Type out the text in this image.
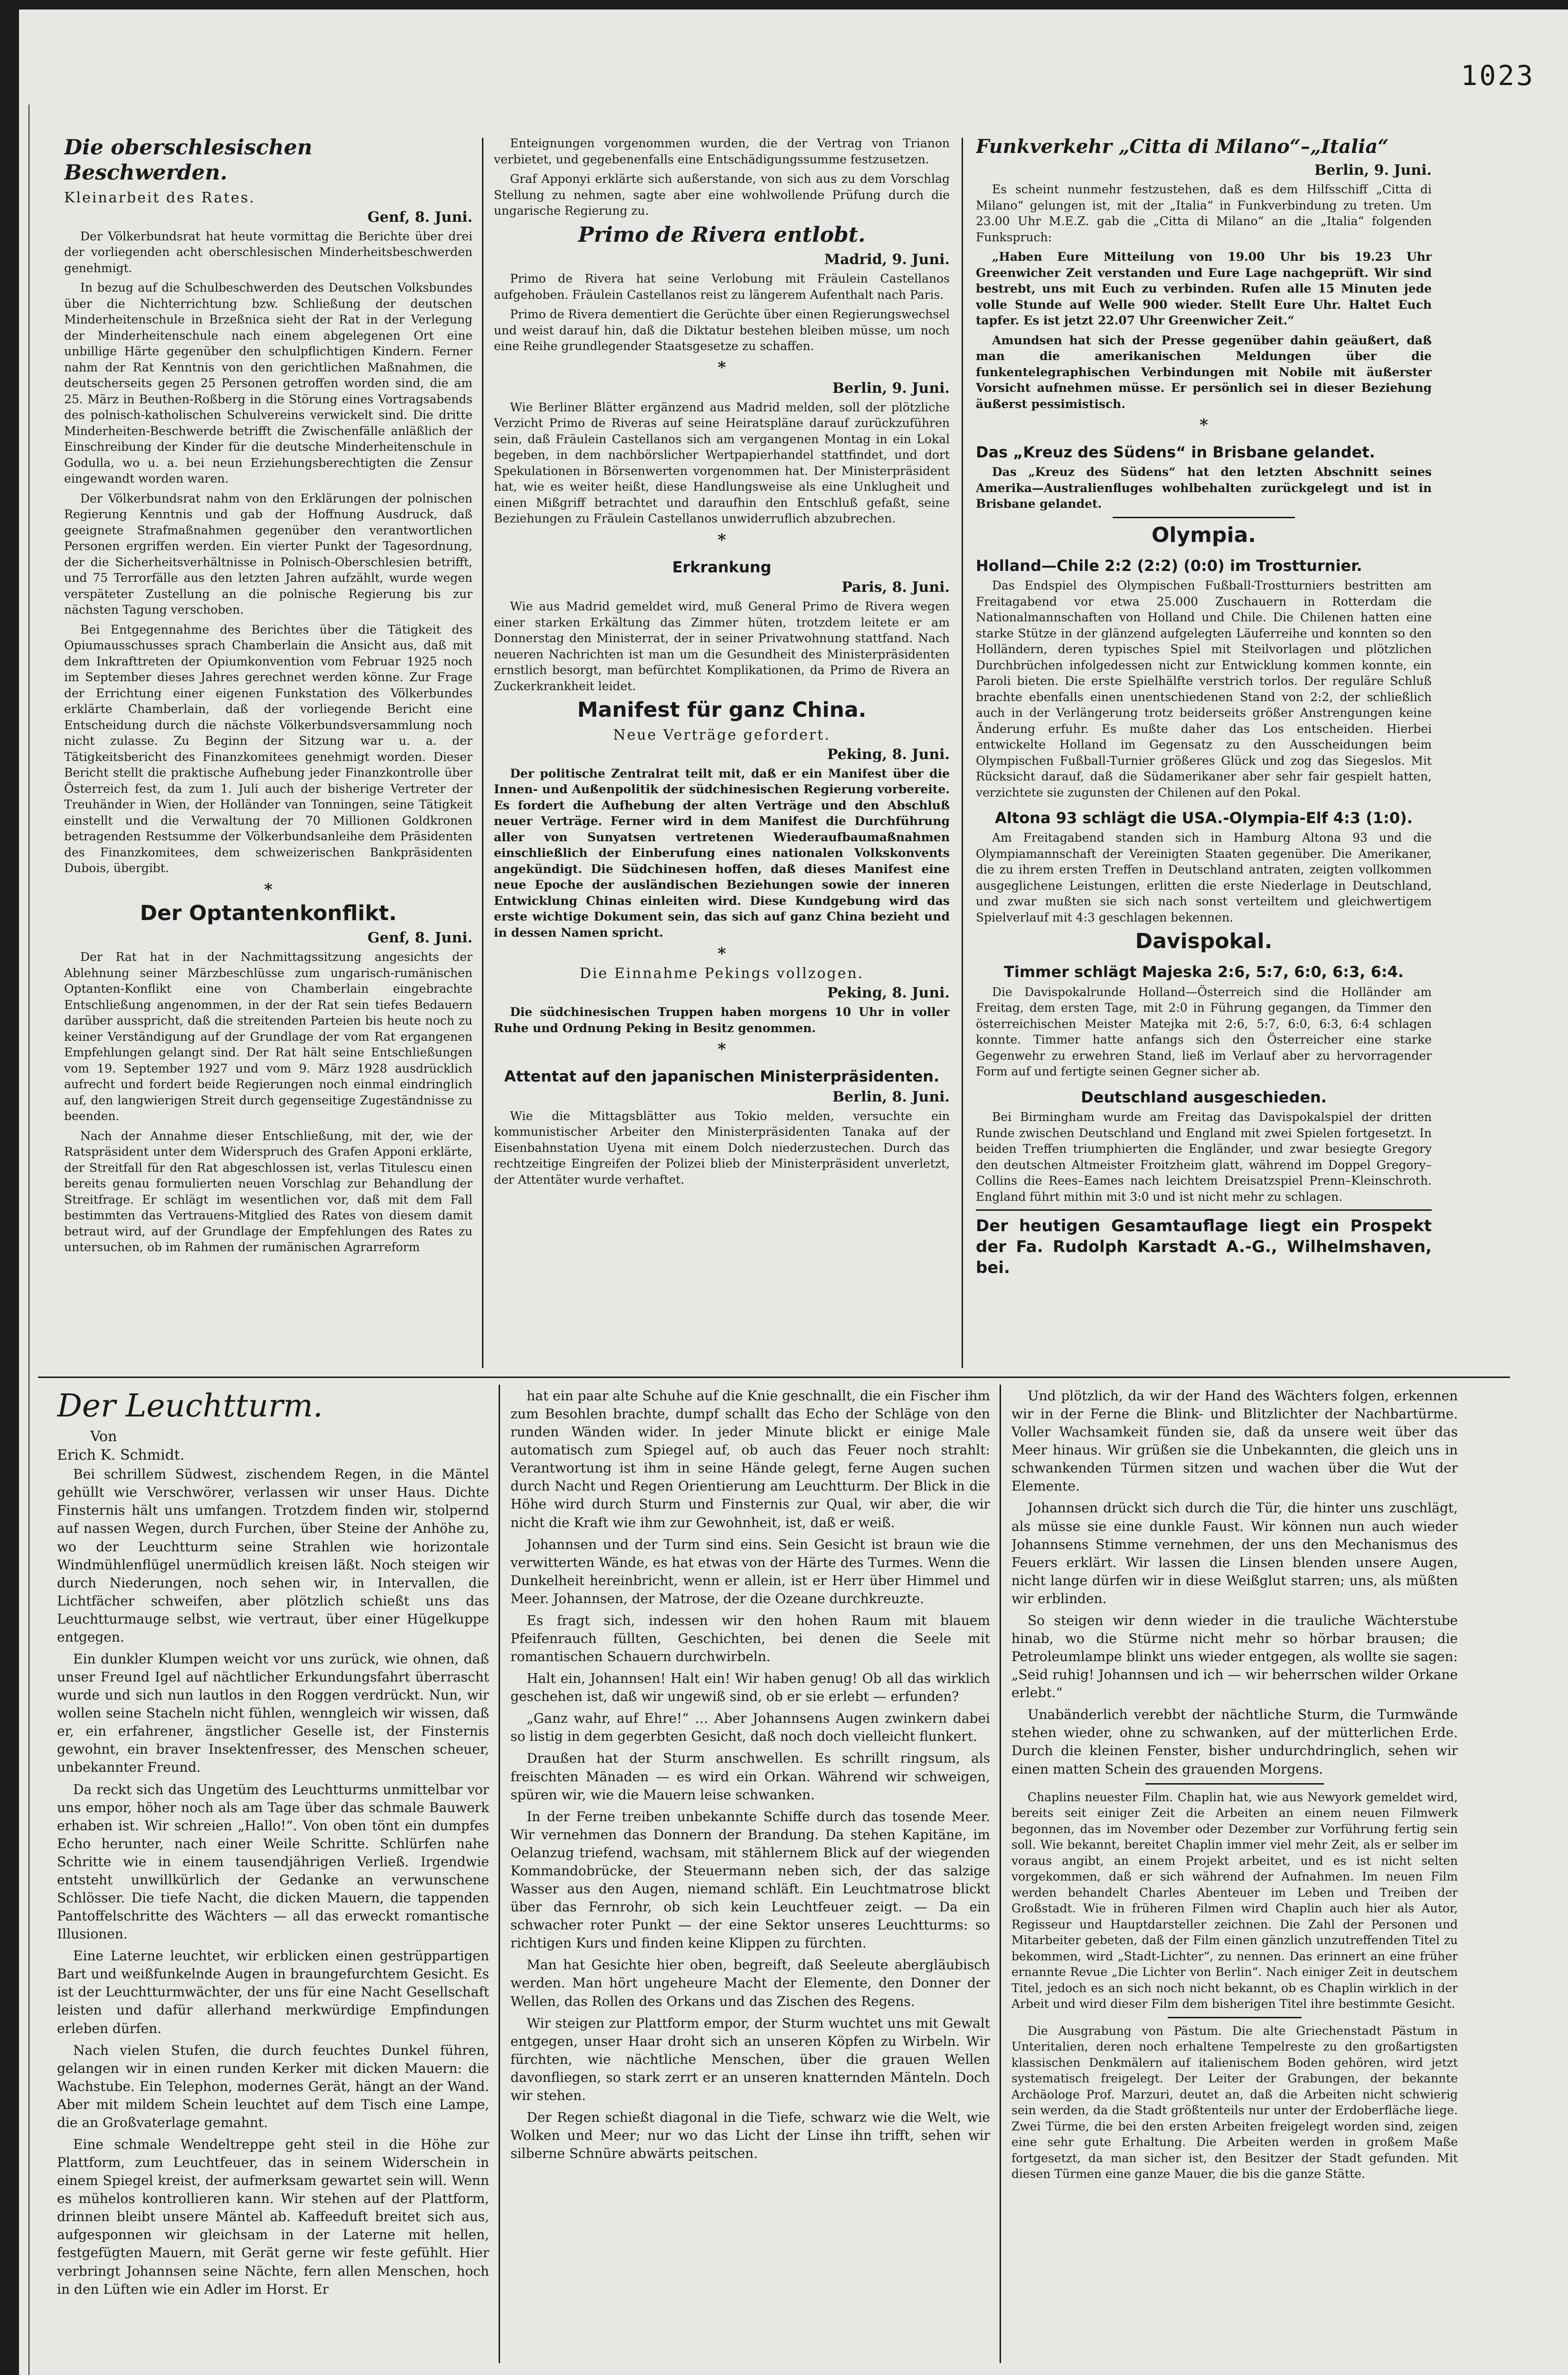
1023
Die oberschlesischen Beschwerden.
Kleinarbeit des Rates.
Genf, 8. Juni.

Der Völkerbundsrat hat heute vormittag die Berichte über drei der vorliegenden acht oberschlesischen Minderheitsbeschwerden genehmigt.

In bezug auf die Schulbeschwerden des Deutschen Volksbundes über die Nichterrichtung bzw. Schließung der deutschen Minderheitenschule in Brzeßnica sieht der Rat in der Verlegung der Minderheitenschule nach einem abgelegenen Ort eine unbillige Härte gegenüber den schulpflichtigen Kindern. Ferner nahm der Rat Kenntnis von den gerichtlichen Maßnahmen, die deutscherseits gegen 25 Personen getroffen worden sind, die am 25. März in Beuthen-Roßberg in die Störung eines Vortragsabends des polnisch-katholischen Schulvereins verwickelt sind. Die dritte Minderheiten-Beschwerde betrifft die Zwischenfälle anläßlich der Einschreibung der Kinder für die deutsche Minderheitenschule in Godulla, wo u. a. bei neun Erziehungsberechtigten die Zensur eingewandt worden waren.

Der Völkerbundsrat nahm von den Erklärungen der polnischen Regierung Kenntnis und gab der Hoffnung Ausdruck, daß geeignete Strafmaßnahmen gegenüber den verantwortlichen Personen ergriffen werden. Ein vierter Punkt der Tagesordnung, der die Sicherheitsverhältnisse in Polnisch-Oberschlesien betrifft, und 75 Terrorfälle aus den letzten Jahren aufzählt, wurde wegen verspäteter Zustellung an die polnische Regierung bis zur nächsten Tagung verschoben.

Bei Entgegennahme des Berichtes über die Tätigkeit des Opiumausschusses sprach Chamberlain die Ansicht aus, daß mit dem Inkrafttreten der Opiumkonvention vom Februar 1925 noch im September dieses Jahres gerechnet werden könne. Zur Frage der Errichtung einer eigenen Funkstation des Völkerbundes erklärte Chamberlain, daß der vorliegende Bericht eine Entscheidung durch die nächste Völkerbundsversammlung noch nicht zulasse. Zu Beginn der Sitzung war u. a. der Tätigkeitsbericht des Finanzkomitees genehmigt worden. Dieser Bericht stellt die praktische Aufhebung jeder Finanzkontrolle über Österreich fest, da zum 1. Juli auch der bisherige Vertreter der Treuhänder in Wien, der Holländer van Tonningen, seine Tätigkeit einstellt und die Verwaltung der 70 Millionen Goldkronen betragenden Restsumme der Völkerbundsanleihe dem Präsidenten des Finanzkomitees, dem schweizerischen Bankpräsidenten Dubois, übergibt.

*
Der Optantenkonflikt.
Genf, 8. Juni.

Der Rat hat in der Nachmittagssitzung angesichts der Ablehnung seiner Märzbeschlüsse zum ungarisch-rumänischen Optanten-Konflikt eine von Chamberlain eingebrachte Entschließung angenommen, in der der Rat sein tiefes Bedauern darüber ausspricht, daß die streitenden Parteien bis heute noch zu keiner Verständigung auf der Grundlage der vom Rat ergangenen Empfehlungen gelangt sind. Der Rat hält seine Entschließungen vom 19. September 1927 und vom 9. März 1928 ausdrücklich aufrecht und fordert beide Regierungen noch einmal eindringlich auf, den langwierigen Streit durch gegenseitige Zugeständnisse zu beenden.

Nach der Annahme dieser Entschließung, mit der, wie der Ratspräsident unter dem Widerspruch des Grafen Apponi erklärte, der Streitfall für den Rat abgeschlossen ist, verlas Titulescu einen bereits genau formulierten neuen Vorschlag zur Behandlung der Streitfrage. Er schlägt im wesentlichen vor, daß mit dem Fall bestimmten das Vertrauens-Mitglied des Rates von diesem damit betraut wird, auf der Grundlage der Empfehlungen des Rates zu untersuchen, ob im Rahmen der rumänischen Agrarreform

Enteignungen vorgenommen wurden, die der Vertrag von Trianon verbietet, und gegebenenfalls eine Entschädigungssumme festzusetzen.

Graf Apponyi erklärte sich außerstande, von sich aus zu dem Vorschlag Stellung zu nehmen, sagte aber eine wohlwollende Prüfung durch die ungarische Regierung zu.

Primo de Rivera entlobt.
Madrid, 9. Juni.

Primo de Rivera hat seine Verlobung mit Fräulein Castellanos aufgehoben. Fräulein Castellanos reist zu längerem Aufenthalt nach Paris.

Primo de Rivera dementiert die Gerüchte über einen Regierungswechsel und weist darauf hin, daß die Diktatur bestehen bleiben müsse, um noch eine Reihe grundlegender Staatsgesetze zu schaffen.

*
Berlin, 9. Juni.

Wie Berliner Blätter ergänzend aus Madrid melden, soll der plötzliche Verzicht Primo de Riveras auf seine Heiratspläne darauf zurückzuführen sein, daß Fräulein Castellanos sich am vergangenen Montag in ein Lokal begeben, in dem nachbörslicher Wertpapierhandel stattfindet, und dort Spekulationen in Börsenwerten vorgenommen hat. Der Ministerpräsident hat, wie es weiter heißt, diese Handlungsweise als eine Unklugheit und einen Mißgriff betrachtet und daraufhin den Entschluß gefaßt, seine Beziehungen zu Fräulein Castellanos unwiderruflich abzubrechen.

*
Erkrankung
Paris, 8. Juni.

Wie aus Madrid gemeldet wird, muß General Primo de Rivera wegen einer starken Erkältung das Zimmer hüten, trotzdem leitete er am Donnerstag den Ministerrat, der in seiner Privatwohnung stattfand. Nach neueren Nachrichten ist man um die Gesundheit des Ministerpräsidenten ernstlich besorgt, man befürchtet Komplikationen, da Primo de Rivera an Zuckerkrankheit leidet.

Manifest für ganz China.
Neue Verträge gefordert.
Peking, 8. Juni.

Der politische Zentralrat teilt mit, daß er ein Manifest über die Innen- und Außenpolitik der südchinesischen Regierung vorbereite. Es fordert die Aufhebung der alten Verträge und den Abschluß neuer Verträge. Ferner wird in dem Manifest die Durchführung aller von Sunyatsen vertretenen Wiederaufbaumaßnahmen einschließlich der Einberufung eines nationalen Volkskonvents angekündigt. Die Südchinesen hoffen, daß dieses Manifest eine neue Epoche der ausländischen Beziehungen sowie der inneren Entwicklung Chinas einleiten wird. Diese Kundgebung wird das erste wichtige Dokument sein, das sich auf ganz China bezieht und in dessen Namen spricht.

*
Die Einnahme Pekings vollzogen.
Peking, 8. Juni.

Die südchinesischen Truppen haben morgens 10 Uhr in voller Ruhe und Ordnung Peking in Besitz genommen.

*
Attentat auf den japanischen Ministerpräsidenten.
Berlin, 8. Juni.

Wie die Mittagsblätter aus Tokio melden, versuchte ein kommunistischer Arbeiter den Ministerpräsidenten Tanaka auf der Eisenbahnstation Uyena mit einem Dolch niederzustechen. Durch das rechtzeitige Eingreifen der Polizei blieb der Ministerpräsident unverletzt, der Attentäter wurde verhaftet.

Funkverkehr „Citta di Milano“–„Italia“
Berlin, 9. Juni.

Es scheint nunmehr festzustehen, daß es dem Hilfsschiff „Citta di Milano“ gelungen ist, mit der „Italia“ in Funkverbindung zu treten. Um 23.00 Uhr M.E.Z. gab die „Citta di Milano“ an die „Italia“ folgenden Funkspruch:

„Haben Eure Mitteilung von 19.00 Uhr bis 19.23 Uhr Greenwicher Zeit verstanden und Eure Lage nachgeprüft. Wir sind bestrebt, uns mit Euch zu verbinden. Rufen alle 15 Minuten jede volle Stunde auf Welle 900 wieder. Stellt Eure Uhr. Haltet Euch tapfer. Es ist jetzt 22.07 Uhr Greenwicher Zeit.“

Amundsen hat sich der Presse gegenüber dahin geäußert, daß man die amerikanischen Meldungen über die funkentelegraphischen Verbindungen mit Nobile mit äußerster Vorsicht aufnehmen müsse. Er persönlich sei in dieser Beziehung äußerst pessimistisch.

*
Das „Kreuz des Südens“ in Brisbane gelandet.

Das „Kreuz des Südens“ hat den letzten Abschnitt seines Amerika—Australienfluges wohlbehalten zurückgelegt und ist in Brisbane gelandet.

Olympia.
Holland—Chile 2:2 (2:2) (0:0) im Trostturnier.

Das Endspiel des Olympischen Fußball-Trostturniers bestritten am Freitagabend vor etwa 25.000 Zuschauern in Rotterdam die Nationalmannschaften von Holland und Chile. Die Chilenen hatten eine starke Stütze in der glänzend aufgelegten Läuferreihe und konnten so den Holländern, deren typisches Spiel mit Steilvorlagen und plötzlichen Durchbrüchen infolgedessen nicht zur Entwicklung kommen konnte, ein Paroli bieten. Die erste Spielhälfte verstrich torlos. Der reguläre Schluß brachte ebenfalls einen unentschiedenen Stand von 2:2, der schließlich auch in der Verlängerung trotz beiderseits größer Anstrengungen keine Änderung erfuhr. Es mußte daher das Los entscheiden. Hierbei entwickelte Holland im Gegensatz zu den Ausscheidungen beim Olympischen Fußball-Turnier größeres Glück und zog das Siegeslos. Mit Rücksicht darauf, daß die Südamerikaner aber sehr fair gespielt hatten, verzichtete sie zugunsten der Chilenen auf den Pokal.

Altona 93 schlägt die USA.-Olympia-Elf 4:3 (1:0).

Am Freitagabend standen sich in Hamburg Altona 93 und die Olympiamannschaft der Vereinigten Staaten gegenüber. Die Amerikaner, die zu ihrem ersten Treffen in Deutschland antraten, zeigten vollkommen ausgeglichene Leistungen, erlitten die erste Niederlage in Deutschland, und zwar mußten sie sich nach sonst verteiltem und gleichwertigem Spielverlauf mit 4:3 geschlagen bekennen.

Davispokal.
Timmer schlägt Majeska 2:6, 5:7, 6:0, 6:3, 6:4.

Die Davispokalrunde Holland—Österreich sind die Holländer am Freitag, dem ersten Tage, mit 2:0 in Führung gegangen, da Timmer den österreichischen Meister Matejka mit 2:6, 5:7, 6:0, 6:3, 6:4 schlagen konnte. Timmer hatte anfangs sich den Österreicher eine starke Gegenwehr zu erwehren Stand, ließ im Verlauf aber zu hervorragender Form auf und fertigte seinen Gegner sicher ab.

Deutschland ausgeschieden.

Bei Birmingham wurde am Freitag das Davispokalspiel der dritten Runde zwischen Deutschland und England mit zwei Spielen fortgesetzt. In beiden Treffen triumphierten die Engländer, und zwar besiegte Gregory den deutschen Altmeister Froitzheim glatt, während im Doppel Gregory–Collins die Rees–Eames nach leichtem Dreisatzspiel Prenn–Kleinschroth. England führt mithin mit 3:0 und ist nicht mehr zu schlagen.

Der heutigen Gesamtauflage liegt ein Prospekt der Fa. Rudolph Karstadt A.-G., Wilhelmshaven, bei.

Der Leuchtturm.
Von
Erich K. Schmidt.

Bei schrillem Südwest, zischendem Regen, in die Mäntel gehüllt wie Verschwörer, verlassen wir unser Haus. Dichte Finsternis hält uns umfangen. Trotzdem finden wir, stolpernd auf nassen Wegen, durch Furchen, über Steine der Anhöhe zu, wo der Leuchtturm seine Strahlen wie horizontale Windmühlenflügel unermüdlich kreisen läßt. Noch steigen wir durch Niederungen, noch sehen wir, in Intervallen, die Lichtfächer schweifen, aber plötzlich schießt uns das Leuchtturmauge selbst, wie vertraut, über einer Hügelkuppe entgegen.

Ein dunkler Klumpen weicht vor uns zurück, wie ohnen, daß unser Freund Igel auf nächtlicher Erkundungsfahrt überrascht wurde und sich nun lautlos in den Roggen verdrückt. Nun, wir wollen seine Stacheln nicht fühlen, wenngleich wir wissen, daß er, ein erfahrener, ängstlicher Geselle ist, der Finsternis gewohnt, ein braver Insektenfresser, des Menschen scheuer, unbekannter Freund.

Da reckt sich das Ungetüm des Leuchtturms unmittelbar vor uns empor, höher noch als am Tage über das schmale Bauwerk erhaben ist. Wir schreien „Hallo!“. Von oben tönt ein dumpfes Echo herunter, nach einer Weile Schritte. Schlürfen nahe Schritte wie in einem tausendjährigen Verließ. Irgendwie entsteht unwillkürlich der Gedanke an verwunschene Schlösser. Die tiefe Nacht, die dicken Mauern, die tappenden Pantoffelschritte des Wächters — all das erweckt romantische Illusionen.

Eine Laterne leuchtet, wir erblicken einen gestrüppartigen Bart und weißfunkelnde Augen in braungefurchtem Gesicht. Es ist der Leuchtturmwächter, der uns für eine Nacht Gesellschaft leisten und dafür allerhand merkwürdige Empfindungen erleben dürfen.

Nach vielen Stufen, die durch feuchtes Dunkel führen, gelangen wir in einen runden Kerker mit dicken Mauern: die Wachstube. Ein Telephon, modernes Gerät, hängt an der Wand. Aber mit mildem Schein leuchtet auf dem Tisch eine Lampe, die an Großvaterlage gemahnt.

Eine schmale Wendeltreppe geht steil in die Höhe zur Plattform, zum Leuchtfeuer, das in seinem Widerschein in einem Spiegel kreist, der aufmerksam gewartet sein will. Wenn es mühelos kontrollieren kann. Wir stehen auf der Plattform, drinnen bleibt unsere Mäntel ab. Kaffeeduft breitet sich aus, aufgesponnen wir gleichsam in der Laterne mit hellen, festgefügten Mauern, mit Gerät gerne wir feste gefühlt. Hier verbringt Johannsen seine Nächte, fern allen Menschen, hoch in den Lüften wie ein Adler im Horst. Er

hat ein paar alte Schuhe auf die Knie geschnallt, die ein Fischer ihm zum Besohlen brachte, dumpf schallt das Echo der Schläge von den runden Wänden wider. In jeder Minute blickt er einige Male automatisch zum Spiegel auf, ob auch das Feuer noch strahlt: Verantwortung ist ihm in seine Hände gelegt, ferne Augen suchen durch Nacht und Regen Orientierung am Leuchtturm. Der Blick in die Höhe wird durch Sturm und Finsternis zur Qual, wir aber, die wir nicht die Kraft wie ihm zur Gewohnheit, ist, daß er weiß.

Johannsen und der Turm sind eins. Sein Gesicht ist braun wie die verwitterten Wände, es hat etwas von der Härte des Turmes. Wenn die Dunkelheit hereinbricht, wenn er allein, ist er Herr über Himmel und Meer. Johannsen, der Matrose, der die Ozeane durchkreuzte.

Es fragt sich, indessen wir den hohen Raum mit blauem Pfeifenrauch füllten, Geschichten, bei denen die Seele mit romantischen Schauern durchwirbeln.

Halt ein, Johannsen! Halt ein! Wir haben genug! Ob all das wirklich geschehen ist, daß wir ungewiß sind, ob er sie erlebt — erfunden?

„Ganz wahr, auf Ehre!“ … Aber Johannsens Augen zwinkern dabei so listig in dem gegerbten Gesicht, daß noch doch vielleicht flunkert.

Draußen hat der Sturm anschwellen. Es schrillt ringsum, als freischten Mänaden — es wird ein Orkan. Während wir schweigen, spüren wir, wie die Mauern leise schwanken.

In der Ferne treiben unbekannte Schiffe durch das tosende Meer. Wir vernehmen das Donnern der Brandung. Da stehen Kapitäne, im Oelanzug triefend, wachsam, mit stählernem Blick auf der wiegenden Kommandobrücke, der Steuermann neben sich, der das salzige Wasser aus den Augen, niemand schläft. Ein Leuchtmatrose blickt über das Fernrohr, ob sich kein Leuchtfeuer zeigt. — Da ein schwacher roter Punkt — der eine Sektor unseres Leuchtturms: so richtigen Kurs und finden keine Klippen zu fürchten.

Man hat Gesichte hier oben, begreift, daß Seeleute abergläubisch werden. Man hört ungeheure Macht der Elemente, den Donner der Wellen, das Rollen des Orkans und das Zischen des Regens.

Wir steigen zur Plattform empor, der Sturm wuchtet uns mit Gewalt entgegen, unser Haar droht sich an unseren Köpfen zu Wirbeln. Wir fürchten, wie nächtliche Menschen, über die grauen Wellen davonfliegen, so stark zerrt er an unseren knatternden Mänteln. Doch wir stehen.

Der Regen schießt diagonal in die Tiefe, schwarz wie die Welt, wie Wolken und Meer; nur wo das Licht der Linse ihn trifft, sehen wir silberne Schnüre abwärts peitschen.

Und plötzlich, da wir der Hand des Wächters folgen, erkennen wir in der Ferne die Blink- und Blitzlichter der Nachbartürme. Voller Wachsamkeit fünden sie, daß da unsere weit über das Meer hinaus. Wir grüßen sie die Unbekannten, die gleich uns in schwankenden Türmen sitzen und wachen über die Wut der Elemente.

Johannsen drückt sich durch die Tür, die hinter uns zuschlägt, als müsse sie eine dunkle Faust. Wir können nun auch wieder Johannsens Stimme vernehmen, der uns den Mechanismus des Feuers erklärt. Wir lassen die Linsen blenden unsere Augen, nicht lange dürfen wir in diese Weißglut starren; uns, als müßten wir erblinden.

So steigen wir denn wieder in die trauliche Wächterstube hinab, wo die Stürme nicht mehr so hörbar brausen; die Petroleumlampe blinkt uns wieder entgegen, als wollte sie sagen: „Seid ruhig! Johannsen und ich — wir beherrschen wilder Orkane erlebt.“

Unabänderlich verebbt der nächtliche Sturm, die Turmwände stehen wieder, ohne zu schwanken, auf der mütterlichen Erde. Durch die kleinen Fenster, bisher undurchdringlich, sehen wir einen matten Schein des grauenden Morgens.

Chaplins neuester Film. Chaplin hat, wie aus Newyork gemeldet wird, bereits seit einiger Zeit die Arbeiten an einem neuen Filmwerk begonnen, das im November oder Dezember zur Vorführung fertig sein soll. Wie bekannt, bereitet Chaplin immer viel mehr Zeit, als er selber im voraus angibt, an einem Projekt arbeitet, und es ist nicht selten vorgekommen, daß er sich während der Aufnahmen. Im neuen Film werden behandelt Charles Abenteuer im Leben und Treiben der Großstadt. Wie in früheren Filmen wird Chaplin auch hier als Autor, Regisseur und Hauptdarsteller zeichnen. Die Zahl der Personen und Mitarbeiter gebeten, daß der Film einen gänzlich unzutreffenden Titel zu bekommen, wird „Stadt-Lichter“, zu nennen. Das erinnert an eine früher ernannte Revue „Die Lichter von Berlin“. Nach einiger Zeit in deutschem Titel, jedoch es an sich noch nicht bekannt, ob es Chaplin wirklich in der Arbeit und wird dieser Film dem bisherigen Titel ihre bestimmte Gesicht.

Die Ausgrabung von Pästum. Die alte Griechenstadt Pästum in Unteritalien, deren noch erhaltene Tempelreste zu den großartigsten klassischen Denkmälern auf italienischem Boden gehören, wird jetzt systematisch freigelegt. Der Leiter der Grabungen, der bekannte Archäologe Prof. Marzuri, deutet an, daß die Arbeiten nicht schwierig sein werden, da die Stadt größtenteils nur unter der Erdoberfläche liege. Zwei Türme, die bei den ersten Arbeiten freigelegt worden sind, zeigen eine sehr gute Erhaltung. Die Arbeiten werden in großem Maße fortgesetzt, da man sicher ist, den Besitzer der Stadt gefunden. Mit diesen Türmen eine ganze Mauer, die bis die ganze Stätte.
